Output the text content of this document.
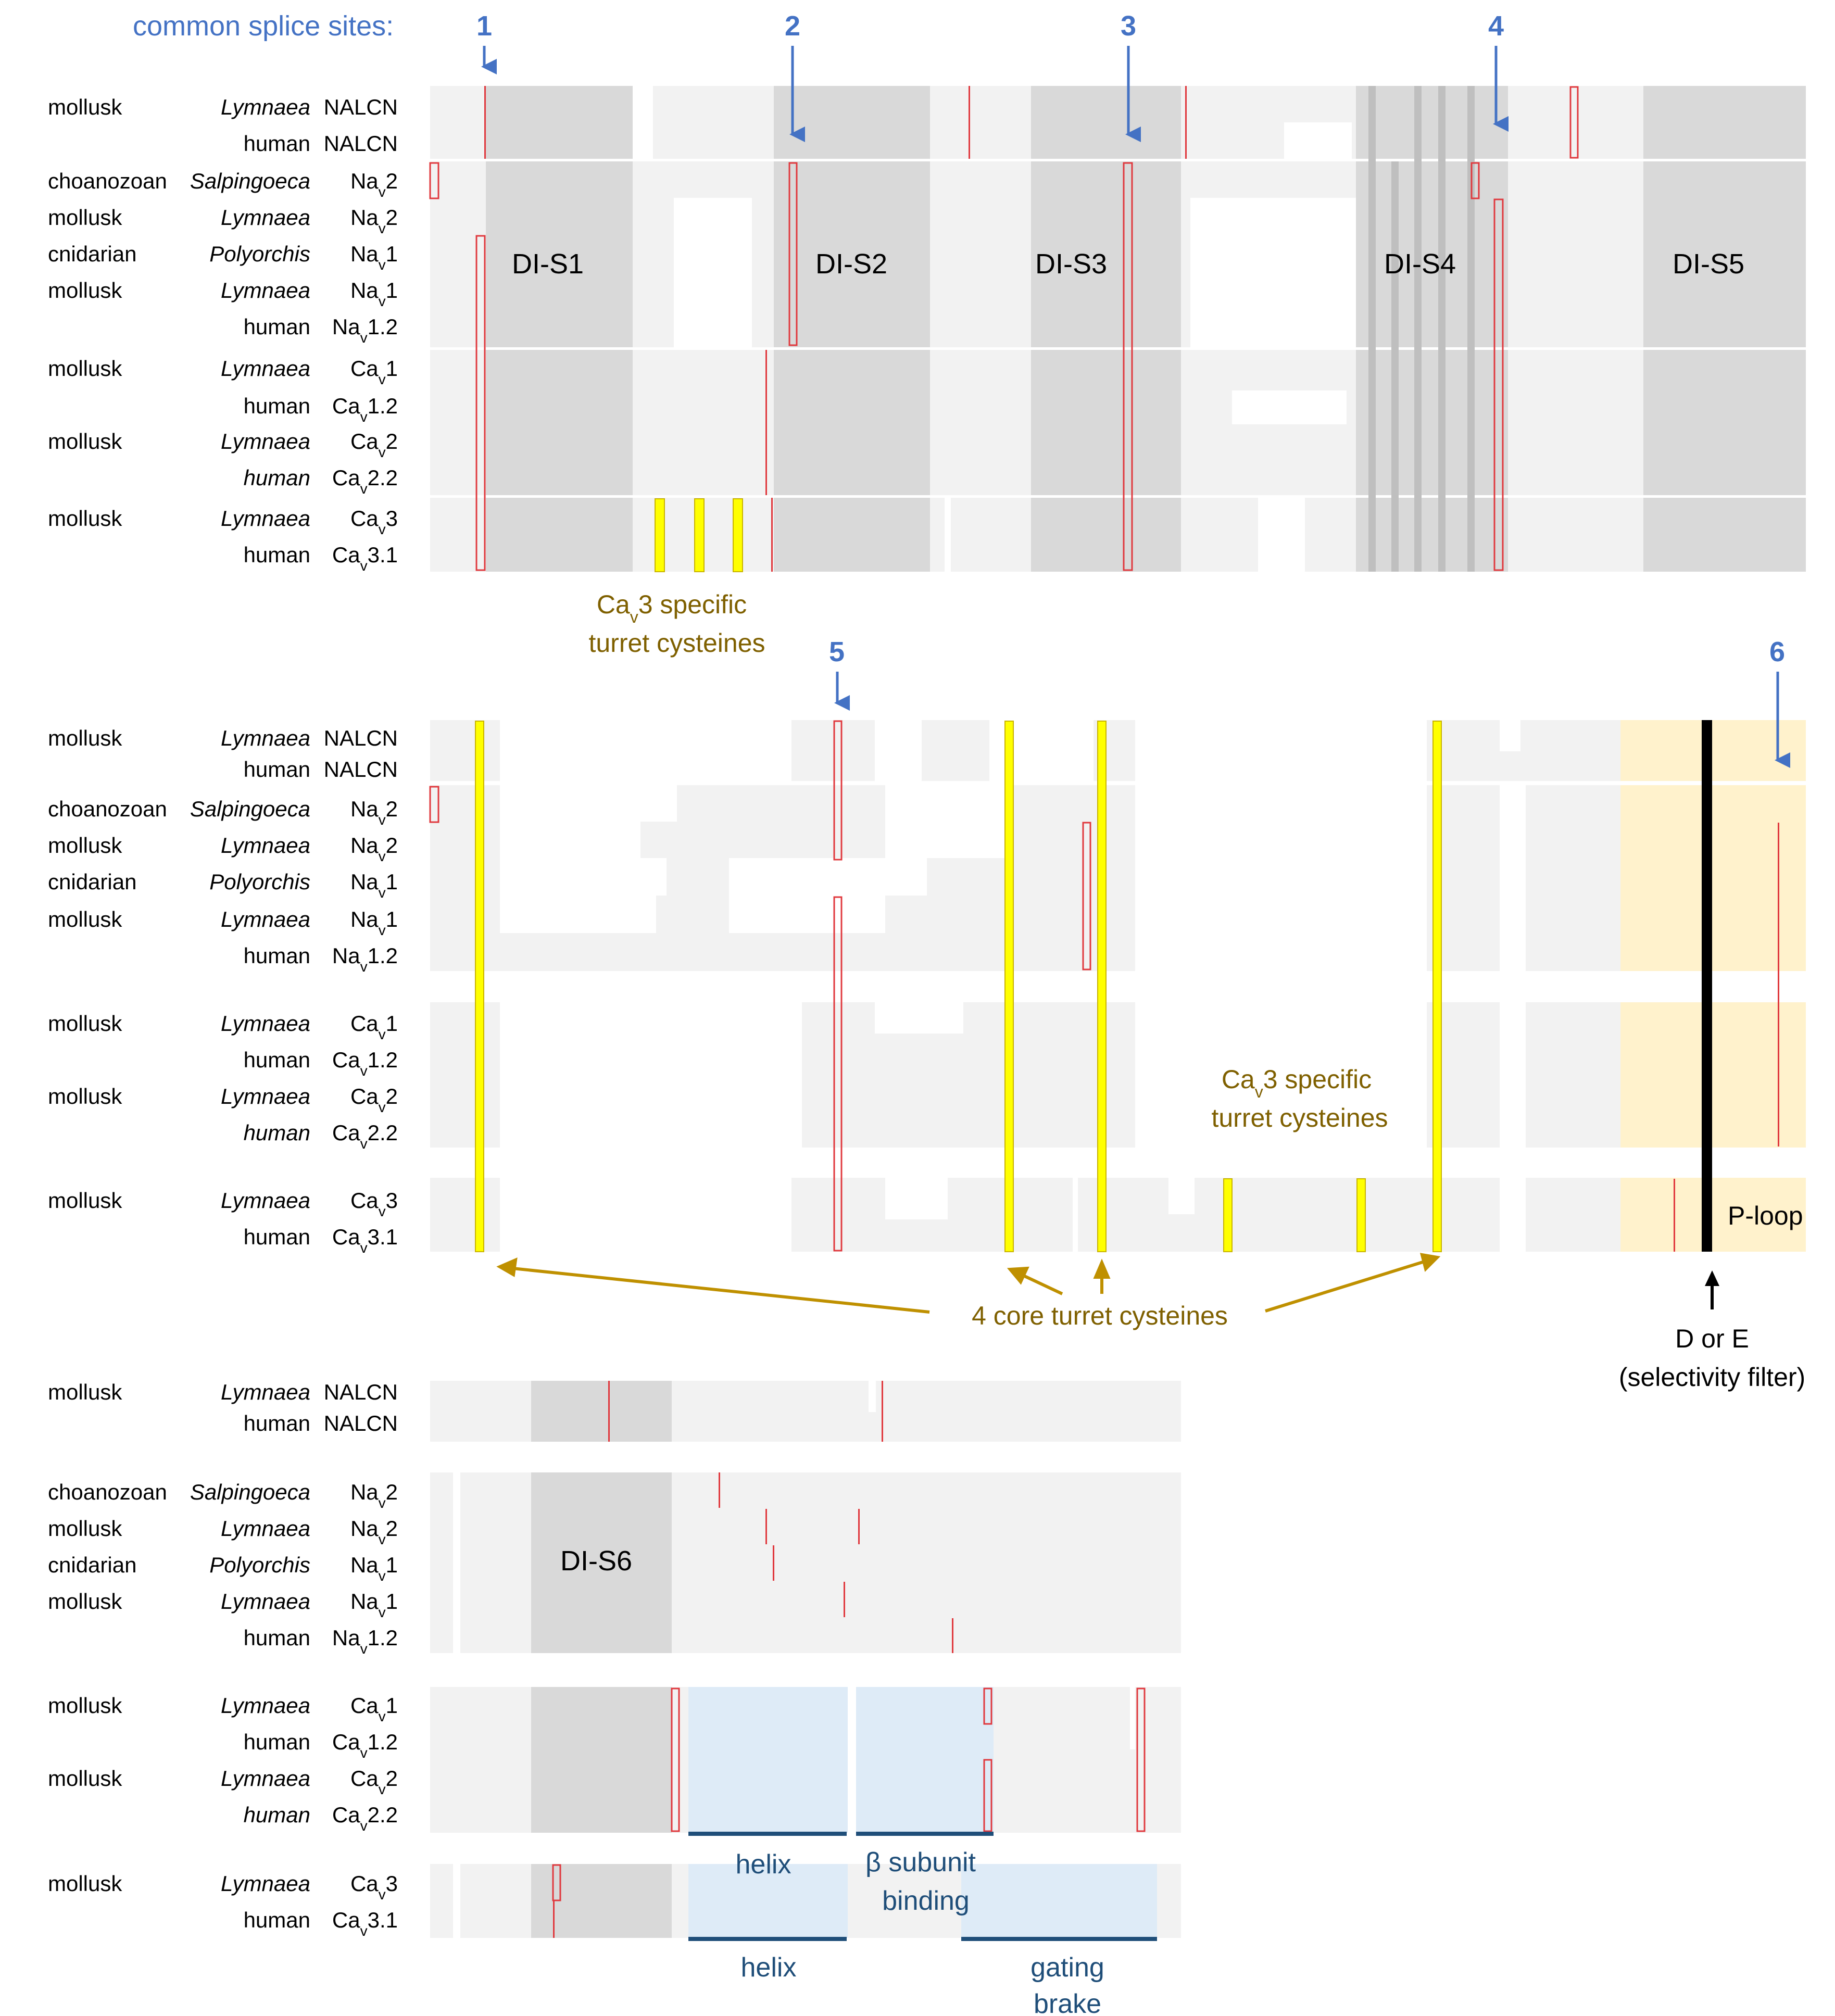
common splice sites:
DI-S1	DI-S2	DI-S3	DI-S4	DI-S5
1	2	3	4
$Ca_v3$ specific
turret cysteines 5	6
P-loop
$Ca_v3$ specific
turret cysteines
4 core turret cysteines
D or E
(selectivity filter)
DI-S6
helix	β subunit
binding
helix	gating
brake
mollusk	Lymnaea NALCN
human NALCN
choanozoan Salpingoeca $Na_v2$
mollusk	Lymnaea $Na_v2$
cnidarian	Polyorchis $Na_v1$
mollusk	Lymnaea $Na_v1$
human $Na_v1.2$
mollusk	Lymnaea $Ca_v1$
human $Ca_v1.2$
mollusk	Lymnaea $Ca_v2$
human $Ca_v2.2$
mollusk	Lymnaea $Ca_v3$
human $Ca_v3.1$
mollusk	Lymnaea NALCN
human NALCN
choanozoan Salpingoeca $Na_v2$
mollusk	Lymnaea $Na_v2$
cnidarian	Polyorchis $Na_v1$
mollusk	Lymnaea $Na_v1$
human $Na_v1.2$
mollusk	Lymnaea $Ca_v1$
human $Ca_v1.2$
mollusk	Lymnaea $Ca_v2$
human $Ca_v2.2$
mollusk	Lymnaea $Ca_v3$
human $Ca_v3.1$
mollusk	Lymnaea NALCN
human NALCN
choanozoan Salpingoeca $Na_v2$
mollusk	Lymnaea $Na_v2$
cnidarian	Polyorchis $Na_v1$
mollusk	Lymnaea $Na_v1$
human $Na_v1.2$
mollusk	Lymnaea $Ca_v1$
human $Ca_v1.2$
mollusk	Lymnaea $Ca_v2$
human $Ca_v2.2$
mollusk	Lymnaea $Ca_v3$
human $Ca_v3.1$
